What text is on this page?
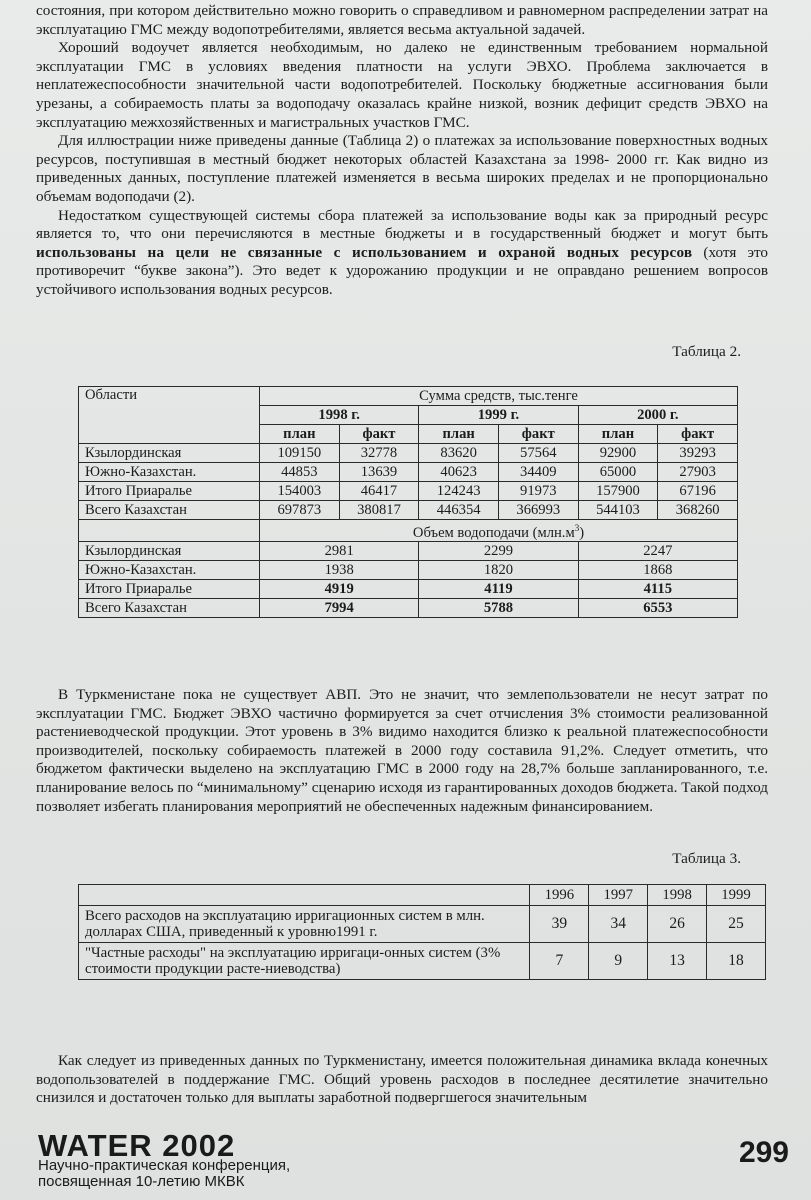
состояния, при котором действительно можно говорить о справедливом и равномерном распределении затрат на эксплуатацию ГМС между водопотребителями, является весьма актуальной задачей.

Хороший водоучет является необходимым, но далеко не единственным требованием нормальной эксплуатации ГМС в условиях введения платности на услуги ЭВХО. Проблема заключается в неплатежеспособности значительной части водопотребителей. Поскольку бюджетные ассигнования были урезаны, а собираемость платы за водоподачу оказалась крайне низкой, возник дефицит средств ЭВХО на эксплуатацию межхозяйственных и магистральных участков ГМС.

Для иллюстрации ниже приведены данные (Таблица 2) о платежах за использование поверхностных водных ресурсов, поступившая в местный бюджет некоторых областей Казахстана за 1998- 2000 гг. Как видно из приведенных данных, поступление платежей изменяется в весьма широких пределах и не пропорционально объемам водоподачи (2).

Недостатком существующей системы сбора платежей за использование воды как за природный ресурс является то, что они перечисляются в местные бюджеты и в государственный бюджет и могут быть использованы на цели не связанные с использованием и охраной водных ресурсов (хотя это противоречит “букве закона”). Это ведет к удорожанию продукции и не оправдано решением вопросов устойчивого использования водных ресурсов.

Таблица 2.
Области	Сумма средств, тыс.тенге					
	1998 г.		1999 г.		2000 г.	
	план	факт	план	факт	план	факт
Кзылординская	109150	32778	83620	57564	92900	39293
Южно-Казахстан.	44853	13639	40623	34409	65000	27903
Итого Приаралье	154003	46417	124243	91973	157900	67196
Всего Казахстан	697873	380817	446354	366993	544103	368260
	Объем водоподачи $(млн.м^3)$					
Кзылординская	2981		2299		2247	
Южно-Казахстан.	1938		1820		1868	
Итого Приаралье	4919		4119		4115	
Всего Казахстан	7994		5788		6553	

В Туркменистане пока не существует АВП. Это не значит, что землепользователи не несут затрат по эксплуатации ГМС. Бюджет ЭВХО частично формируется за счет отчисления 3% стоимости реализованной растениеводческой продукции. Этот уровень в 3% видимо находится близко к реальной платежеспособности производителей, поскольку собираемость платежей в 2000 году составила 91,2%. Следует отметить, что бюджетом фактически выделено на эксплуатацию ГМС в 2000 году на 28,7% больше запланированного, т.е. планирование велось по “минимальному” сценарию исходя из гарантированных доходов бюджета. Такой подход позволяет избегать планирования мероприятий не обеспеченных надежным финансированием.

Таблица 3.
	1996	1997	1998	1999
Всего расходов на эксплуатацию ирригационных систем в млн. долларах США, приведенный к уровню1991 г.	39	34	26	25
"Частные расходы" на эксплуатацию ирригаци-онных систем (3% стоимости продукции расте-ниеводства)	7	9	13	18

Как следует из приведенных данных по Туркменистану, имеется положительная динамика вклада конечных водопользователей в поддержание ГМС. Общий уровень расходов в последнее десятилетие значительно снизился и достаточен только для выплаты заработной подвергшегося значительным

WATER 2002
Научно-практическая конференция,
посвященная 10-летию МКВК
299
